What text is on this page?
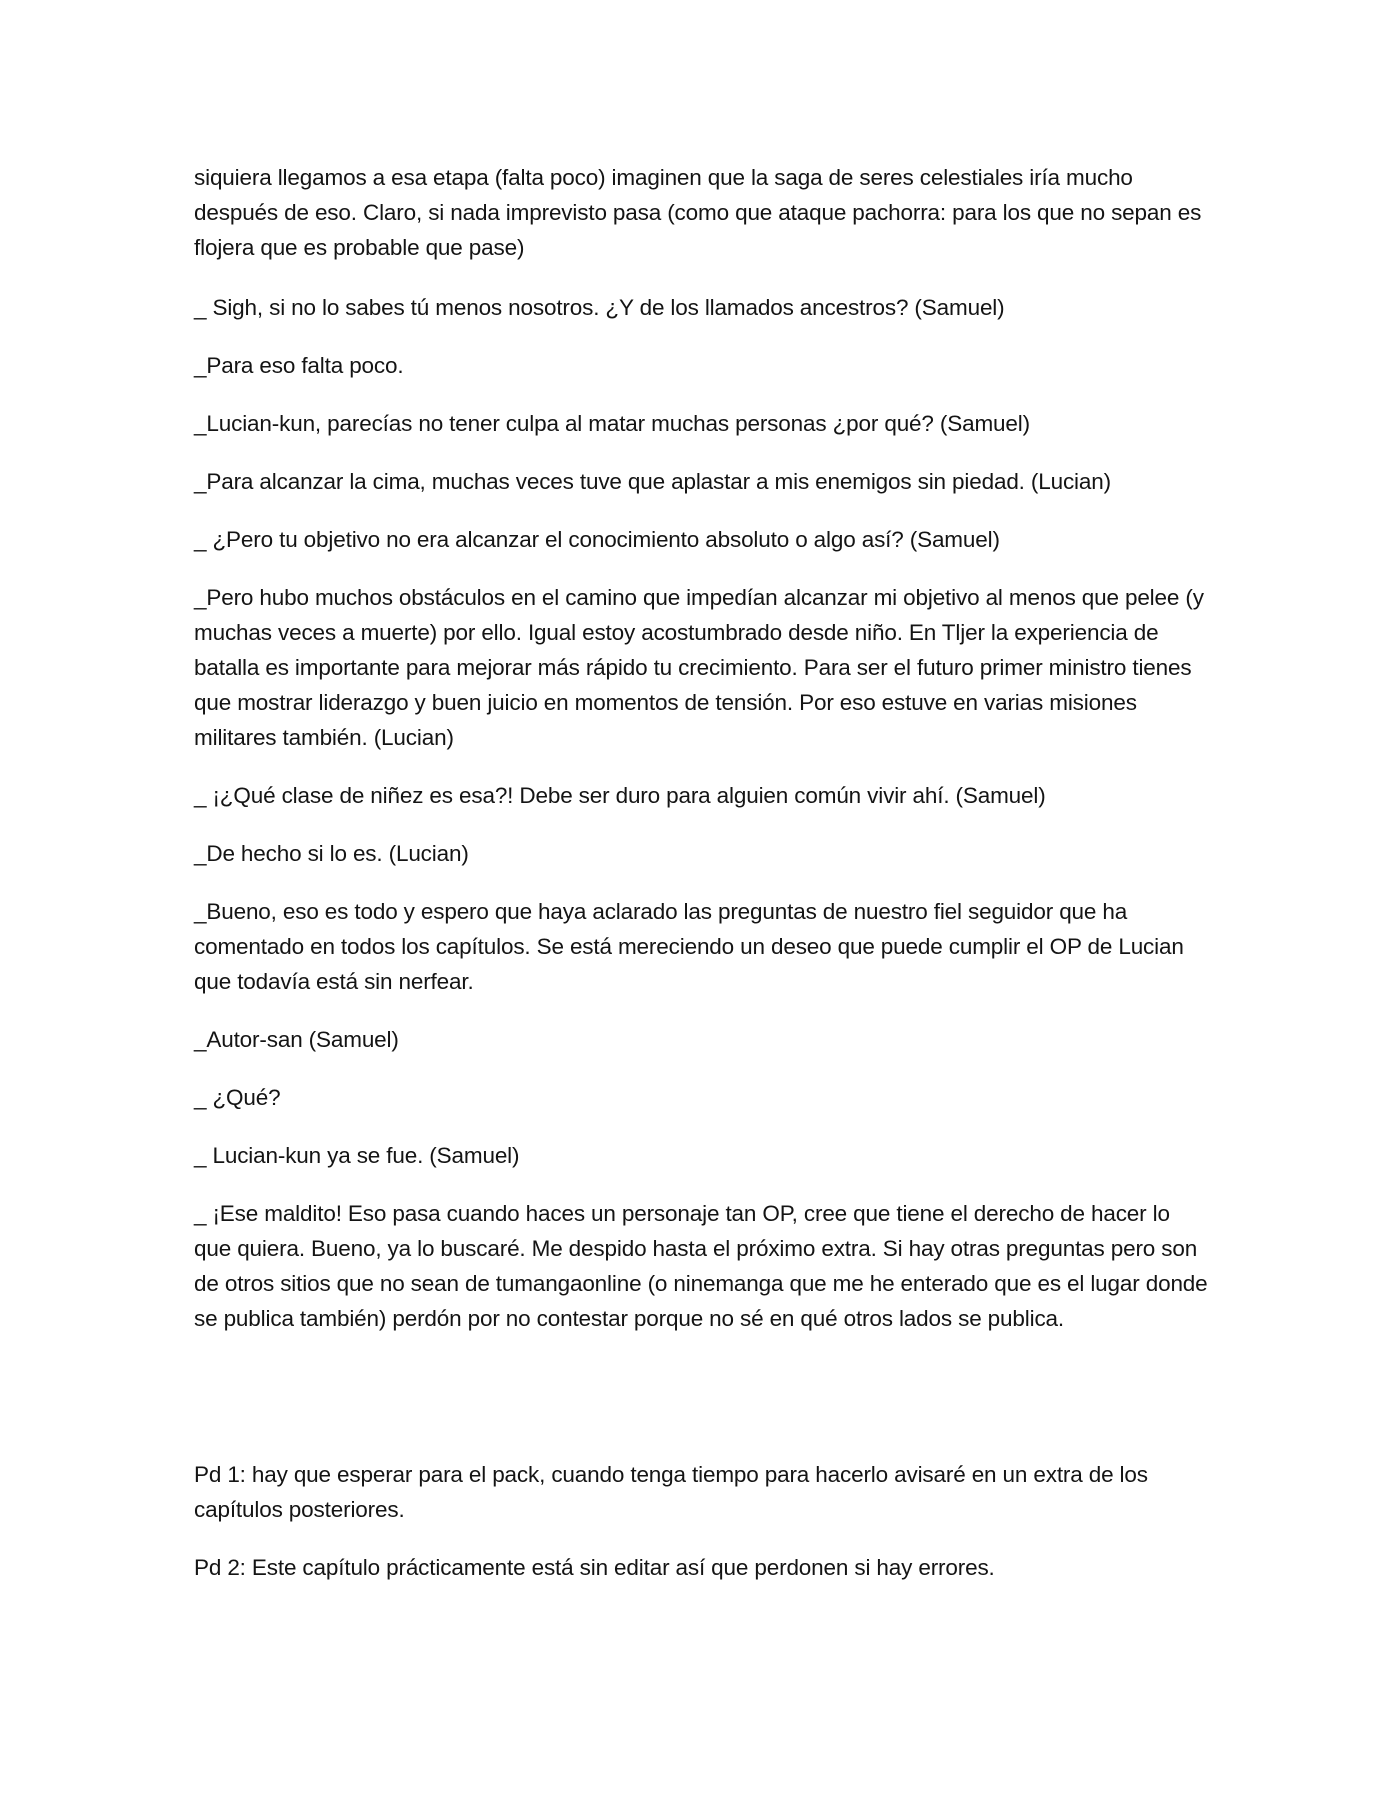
siquiera llegamos a esa etapa (falta poco) imaginen que la saga de seres celestiales iría mucho después de eso. Claro, si nada imprevisto pasa (como que ataque pachorra: para los que no sepan es flojera que es probable que pase)

_ Sigh, si no lo sabes tú menos nosotros. ¿Y de los llamados ancestros? (Samuel)

_Para eso falta poco.

_Lucian-kun, parecías no tener culpa al matar muchas personas ¿por qué? (Samuel)

_Para alcanzar la cima, muchas veces tuve que aplastar a mis enemigos sin piedad. (Lucian)

_ ¿Pero tu objetivo no era alcanzar el conocimiento absoluto o algo así? (Samuel)

_Pero hubo muchos obstáculos en el camino que impedían alcanzar mi objetivo al menos que pelee (y muchas veces a muerte) por ello. Igual estoy acostumbrado desde niño. En Tljer la experiencia de batalla es importante para mejorar más rápido tu crecimiento. Para ser el futuro primer ministro tienes que mostrar liderazgo y buen juicio en momentos de tensión. Por eso estuve en varias misiones militares también. (Lucian)

_ ¡¿Qué clase de niñez es esa?! Debe ser duro para alguien común vivir ahí. (Samuel)

_De hecho si lo es. (Lucian)

_Bueno, eso es todo y espero que haya aclarado las preguntas de nuestro fiel seguidor que ha comentado en todos los capítulos. Se está mereciendo un deseo que puede cumplir el OP de Lucian que todavía está sin nerfear.

_Autor-san (Samuel)

_ ¿Qué?

_ Lucian-kun ya se fue. (Samuel)

_ ¡Ese maldito! Eso pasa cuando haces un personaje tan OP, cree que tiene el derecho de hacer lo que quiera. Bueno, ya lo buscaré. Me despido hasta el próximo extra. Si hay otras preguntas pero son de otros sitios que no sean de tumangaonline (o ninemanga que me he enterado que es el lugar donde se publica también) perdón por no contestar porque no sé en qué otros lados se publica.

Pd 1: hay que esperar para el pack, cuando tenga tiempo para hacerlo avisaré en un extra de los capítulos posteriores.

Pd 2: Este capítulo prácticamente está sin editar así que perdonen si hay errores.
